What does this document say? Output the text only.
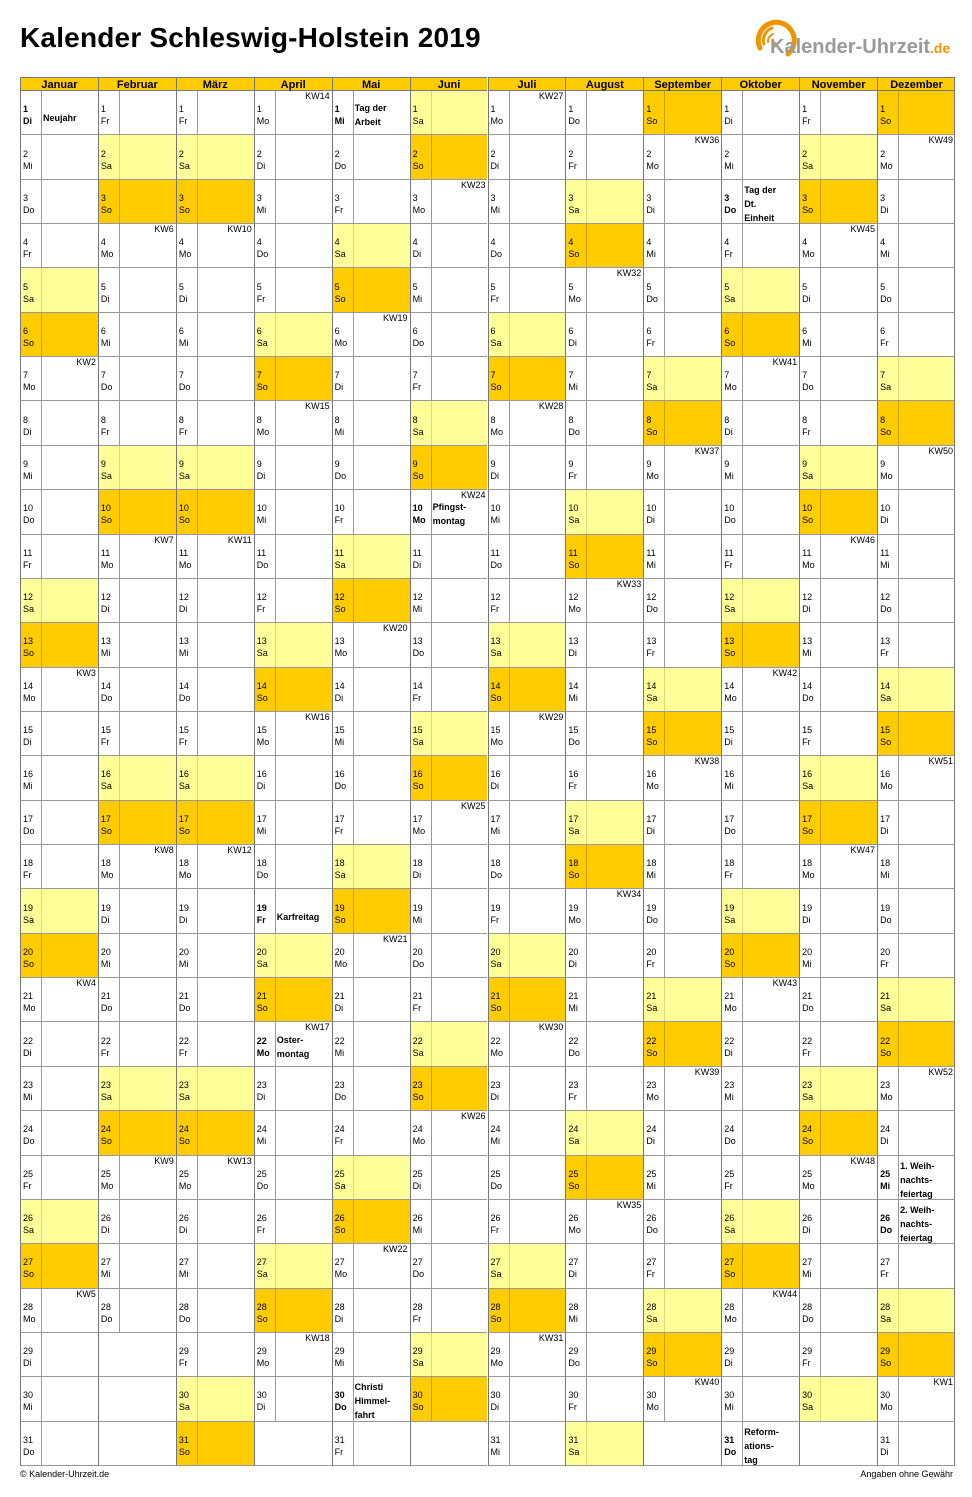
Kalender Schleswig-Holstein 2019	Kalender-Uhrzeit.de
Januar
1
Di Neujahr
2
Mi
3
Do
4
Fr
5
Sa
6
So
7
Mo
KW2
8
Di
9
Mi
10
Do
11
Fr
12
Sa
13
So
14
Mo
KW3
15
Di
16
Mi
17
Do
18
Fr
19
Sa
20
So
21
Mo
KW4
22
Di
23
Mi
24
Do
25
Fr
26
Sa
27
So
28
Mo
KW5
29
Di
30
Mi
31
Do
Februar
1
Fr
2
Sa
3
So
4
Mo
KW6
5
Di
6
Mi
7
Do
8
Fr
9
Sa
10
So
11
Mo
KW7
12
Di
13
Mi
14
Do
15
Fr
16
Sa
17
So
18
Mo
KW8
19
Di
20
Mi
21
Do
22
Fr
23
Sa
24
So
25
Mo
KW9
26
Di
27
Mi
28
Do
März
1
Fr
2
Sa
3
So
4
Mo
KW10
5
Di
6
Mi
7
Do
8
Fr
9
Sa
10
So
11
Mo
KW11
12
Di
13
Mi
14
Do
15
Fr
16
Sa
17
So
18
Mo
KW12
19
Di
20
Mi
21
Do
22
Fr
23
Sa
24
So
25
Mo
KW13
26
Di
27
Mi
28
Do
29
Fr
30
Sa
31
So
April
1
Mo
KW14
2
Di
3
Mi
4
Do
5
Fr
6
Sa
7
So
8
Mo
KW15
9
Di
10
Mi
11
Do
12
Fr
13
Sa
14
So
15
Mo
KW16
16
Di
17
Mi
18
Do
19
Fr Karfreitag
20
Sa
21
So
22
Mo
KW17
Oster-
montag
23
Di
24
Mi
25
Do
26
Fr
27
Sa
28
So
29
Mo
KW18
30
Di
Mai
1
Mi
Tag der
Arbeit
2
Do
3
Fr
4
Sa
5
So
6
Mo
KW19
7
Di
8
Mi
9
Do
10
Fr
11
Sa
12
So
13
Mo
KW20
14
Di
15
Mi
16
Do
17
Fr
18
Sa
19
So
20
Mo
KW21
21
Di
22
Mi
23
Do
24
Fr
25
Sa
26
So
27
Mo
KW22
28
Di
29
Mi
30
Do
Christi
Himmel-
fahrt
31
Fr
Juni
1
Sa
2
So
3
Mo
KW23
4
Di
5
Mi
6
Do
7
Fr
8
Sa
9
So
10
Mo
KW24
Pfingst-
montag
11
Di
12
Mi
13
Do
14
Fr
15
Sa
16
So
17
Mo
KW25
18
Di
19
Mi
20
Do
21
Fr
22
Sa
23
So
24
Mo
KW26
25
Di
26
Mi
27
Do
28
Fr
29
Sa
30
So
Juli
1
Mo
KW27
2
Di
3
Mi
4
Do
5
Fr
6
Sa
7
So
8
Mo
KW28
9
Di
10
Mi
11
Do
12
Fr
13
Sa
14
So
15
Mo
KW29
16
Di
17
Mi
18
Do
19
Fr
20
Sa
21
So
22
Mo
KW30
23
Di
24
Mi
25
Do
26
Fr
27
Sa
28
So
29
Mo
KW31
30
Di
31
Mi
August
1
Do
2
Fr
3
Sa
4
So
5
Mo
KW32
6
Di
7
Mi
8
Do
9
Fr
10
Sa
11
So
12
Mo
KW33
13
Di
14
Mi
15
Do
16
Fr
17
Sa
18
So
19
Mo
KW34
20
Di
21
Mi
22
Do
23
Fr
24
Sa
25
So
26
Mo
KW35
27
Di
28
Mi
29
Do
30
Fr
31
Sa
September
1
So
2
Mo
KW36
3
Di
4
Mi
5
Do
6
Fr
7
Sa
8
So
9
Mo
KW37
10
Di
11
Mi
12
Do
13
Fr
14
Sa
15
So
16
Mo
KW38
17
Di
18
Mi
19
Do
20
Fr
21
Sa
22
So
23
Mo
KW39
24
Di
25
Mi
26
Do
27
Fr
28
Sa
29
So
30
Mo
KW40
Oktober
1
Di
2
Mi
3
Do
Tag der
Dt.
Einheit
4
Fr
5
Sa
6
So
7
Mo
KW41
8
Di
9
Mi
10
Do
11
Fr
12
Sa
13
So
14
Mo
KW42
15
Di
16
Mi
17
Do
18
Fr
19
Sa
20
So
21
Mo
KW43
22
Di
23
Mi
24
Do
25
Fr
26
Sa
27
So
28
Mo
KW44
29
Di
30
Mi
31
Do
Reform-
ations-
tag
November
1
Fr
2
Sa
3
So
4
Mo
KW45
5
Di
6
Mi
7
Do
8
Fr
9
Sa
10
So
11
Mo
KW46
12
Di
13
Mi
14
Do
15
Fr
16
Sa
17
So
18
Mo
KW47
19
Di
20
Mi
21
Do
22
Fr
23
Sa
24
So
25
Mo
KW48
26
Di
27
Mi
28
Do
29
Fr
30
Sa
Dezember
1
So
2
Mo
KW49
3
Di
4
Mi
5
Do
6
Fr
7
Sa
8
So
9
Mo
KW50
10
Di
11
Mi
12
Do
13
Fr
14
Sa
15
So
16
Mo
KW51
17
Di
18
Mi
19
Do
20
Fr
21
Sa
22
So
23
Mo
KW52
24
Di
25
Mi
1. Weih-
nachts-
feiertag
26
Do
2. Weih-
nachts-
feiertag
27
Fr
28
Sa
29
So
30
Mo
KW1
31
Di
© Kalender-Uhrzeit.de	Angaben ohne Gewähr
